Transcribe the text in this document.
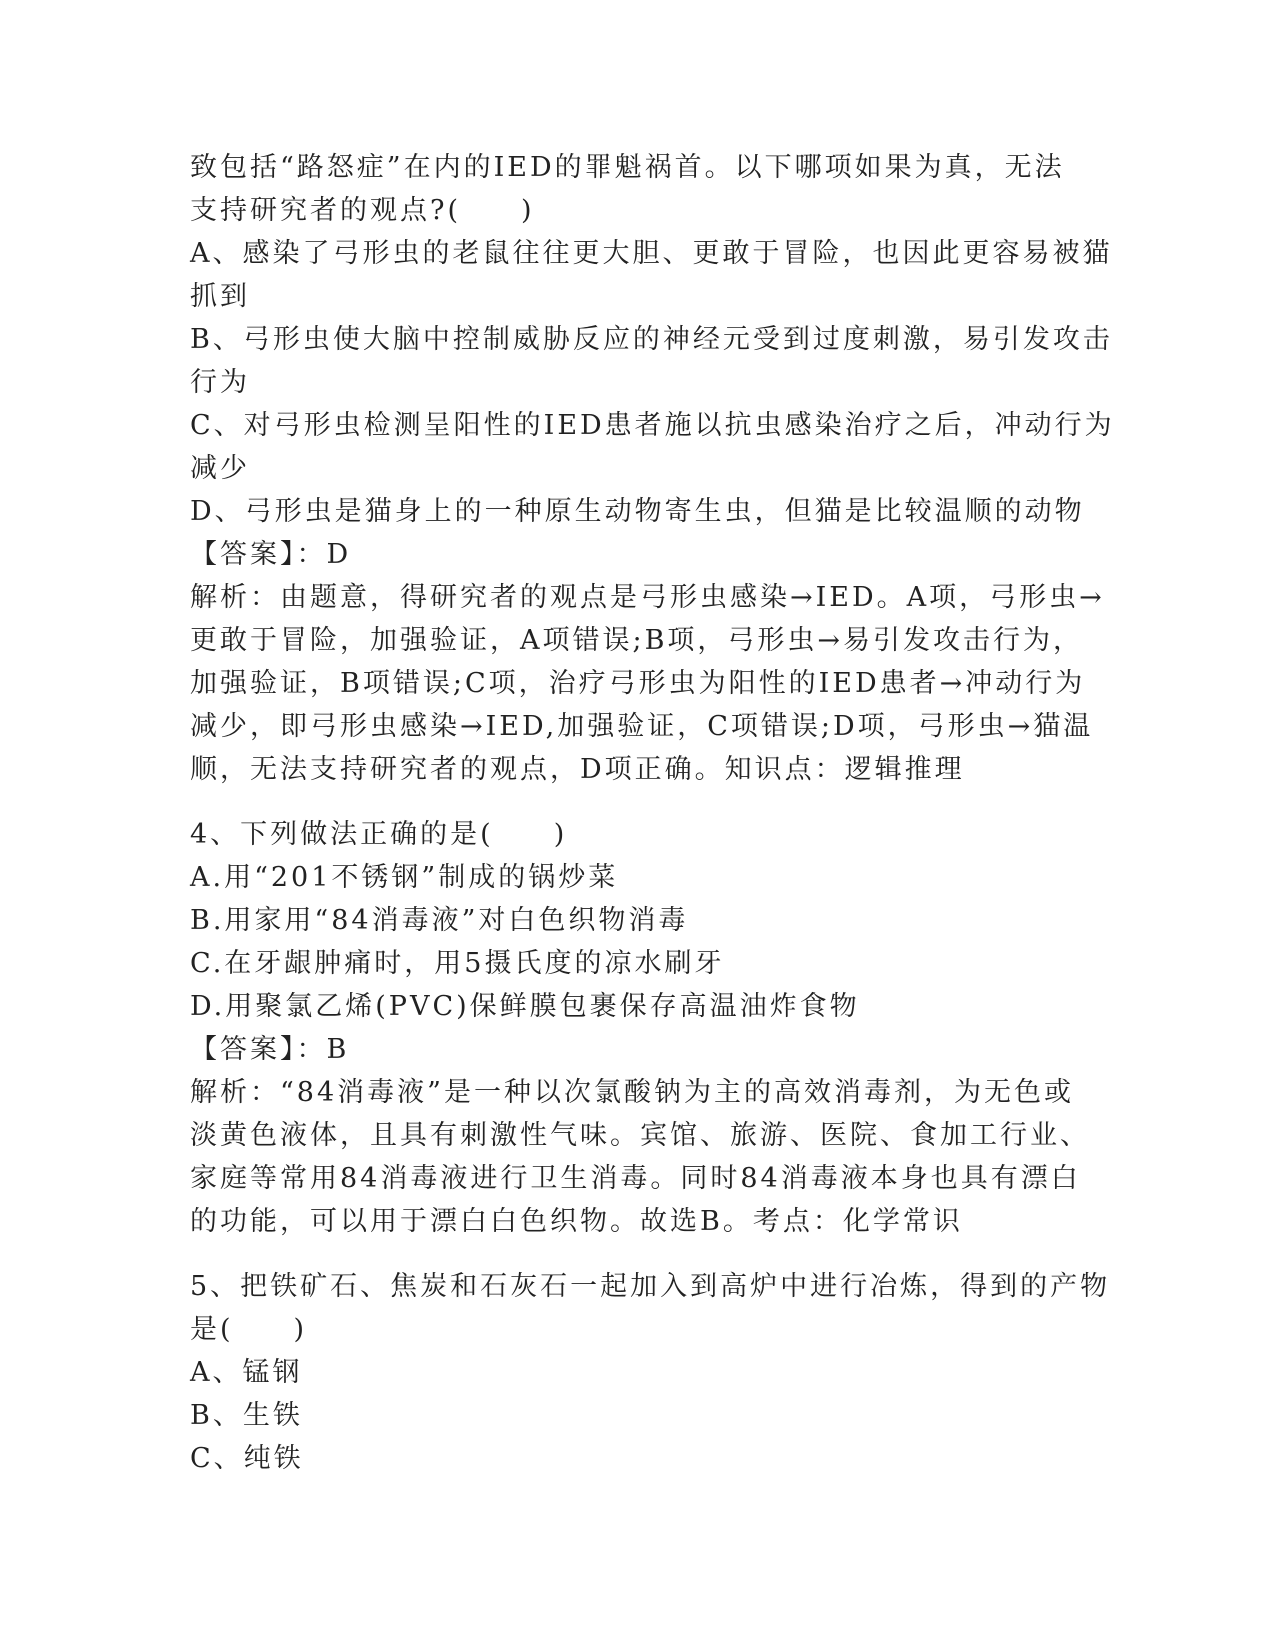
致包括“路怒症”在内的IED的罪魁祸首。以下哪项如果为真，无法
支持研究者的观点?(　　)
A、感染了弓形虫的老鼠往往更大胆、更敢于冒险，也因此更容易被猫
抓到
B、弓形虫使大脑中控制威胁反应的神经元受到过度刺激，易引发攻击
行为
C、对弓形虫检测呈阳性的IED患者施以抗虫感染治疗之后，冲动行为
减少
D、弓形虫是猫身上的一种原生动物寄生虫，但猫是比较温顺的动物
【答案】：D
解析：由题意，得研究者的观点是弓形虫感染→IED。A项，弓形虫→
更敢于冒险，加强验证，A项错误;B项，弓形虫→易引发攻击行为，
加强验证，B项错误;C项，治疗弓形虫为阳性的IED患者→冲动行为
减少，即弓形虫感染→IED,加强验证，C项错误;D项，弓形虫→猫温
顺，无法支持研究者的观点，D项正确。知识点：逻辑推理
4、下列做法正确的是(　　)
A.用“201不锈钢”制成的锅炒菜
B.用家用“84消毒液”对白色织物消毒
C.在牙龈肿痛时，用5摄氏度的凉水刷牙
D.用聚氯乙烯(PVC)保鲜膜包裹保存高温油炸食物
【答案】：B
解析：“84消毒液”是一种以次氯酸钠为主的高效消毒剂，为无色或
淡黄色液体，且具有刺激性气味。宾馆、旅游、医院、食加工行业、
家庭等常用84消毒液进行卫生消毒。同时84消毒液本身也具有漂白
的功能，可以用于漂白白色织物。故选B。考点：化学常识
5、把铁矿石、焦炭和石灰石一起加入到高炉中进行冶炼，得到的产物
是(　　)
A、锰钢
B、生铁
C、纯铁
